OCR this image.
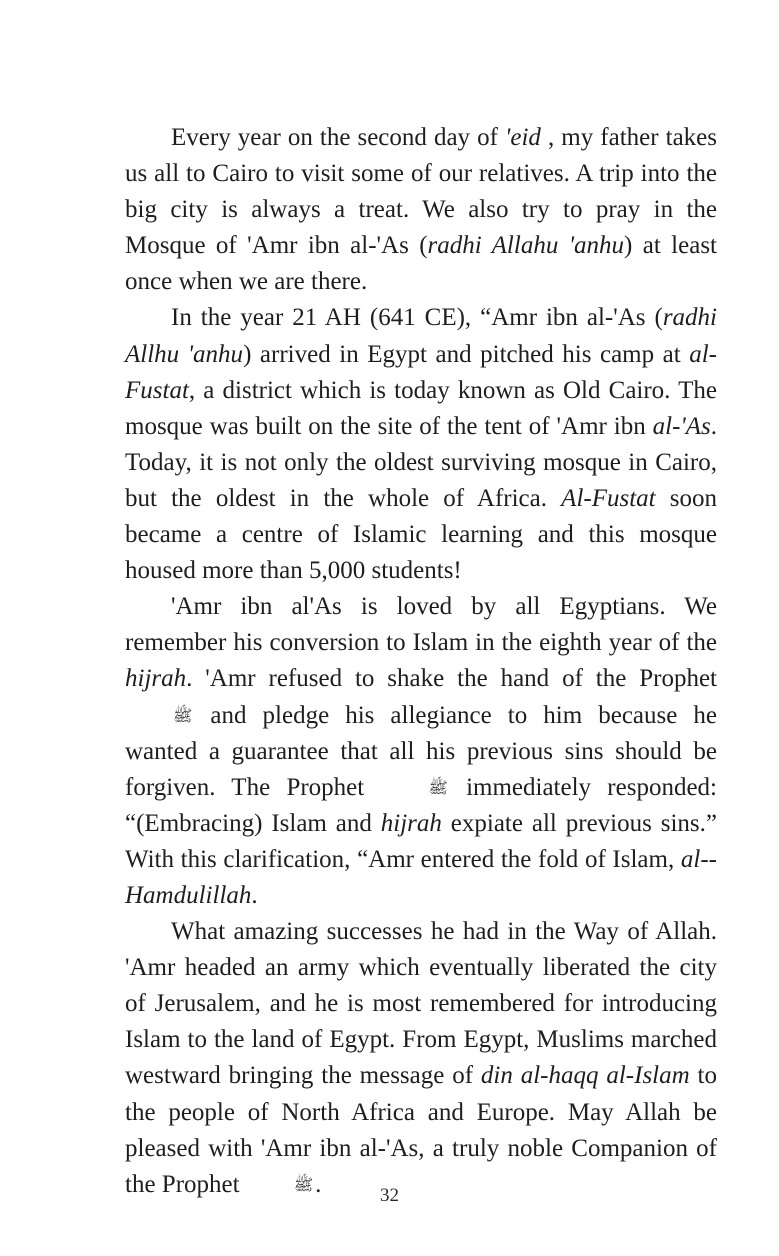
Every year on the second day of 'eid , my father takes us all to Cairo to visit some of our relatives. A trip into the big city is always a treat. We also try to pray in the Mosque of 'Amr ibn al-'As (radhi Allahu 'anhu) at least once when we are there.

In the year 21 AH (641 CE), “Amr ibn al-'As (radhi Allhu 'anhu) arrived in Egypt and pitched his camp at al-Fustat, a district which is today known as Old Cairo. The mosque was built on the site of the tent of 'Amr ibn al-'As. Today, it is not only the oldest surviving mosque in Cairo, but the oldest in the whole of Africa. Al-Fustat soon became a centre of Islamic learning and this mosque housed more than 5,000 students!

'Amr ibn al'As is loved by all Egyptians. We remember his conversion to Islam in the eighth year of the hijrah. 'Amr refused to shake the hand of the Prophet ﷺ and pledge his allegiance to him because he wanted a guarantee that all his previous sins should be forgiven. The Prophet	ﷺ immediately responded: “(Embracing) Islam and hijrah expiate all previous sins.” With this clarification, “Amr entered the fold of Islam, al-Hamdulillah.

What amazing successes he had in the Way of Allah. 'Amr headed an army which eventually liberated the city of Jerusalem, and he is most remembered for introducing Islam to the land of Egypt. From Egypt, Muslims marched westward bringing the message of din al-haqq al-Islam to the people of North Africa and Europe. May Allah be pleased with 'Amr ibn al-'As, a truly noble Companion of the Prophet	ﷺ.	32
